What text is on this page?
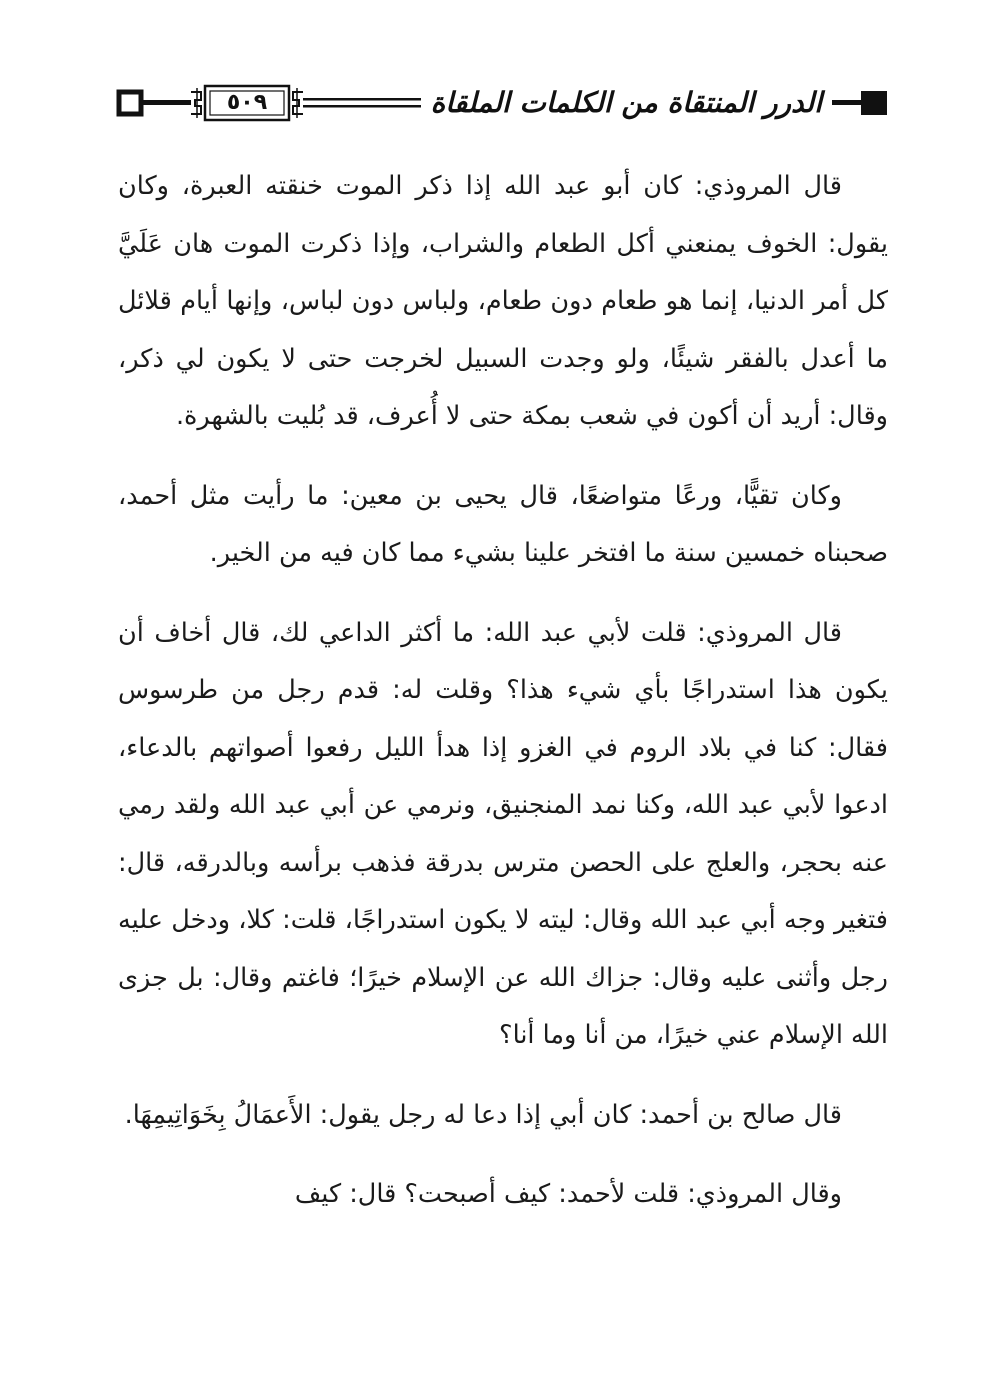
٥٠٩	الدرر المنتقاة من الكلمات الملقاة

قال المروذي: كان أبو عبد الله إذا ذكر الموت خنقته العبرة، وكان يقول: الخوف يمنعني أكل الطعام والشراب، وإذا ذكرت الموت هان عَلَيَّ كل أمر الدنيا، إنما هو طعام دون طعام، ولباس دون لباس، وإنها أيام قلائل ما أعدل بالفقر شيئًا، ولو وجدت السبيل لخرجت حتى لا يكون لي ذكر، وقال: أريد أن أكون في شعب بمكة حتى لا أُعرف، قد بُليت بالشهرة.

وكان تقيًّا، ورعًا متواضعًا، قال يحيى بن معين: ما رأيت مثل أحمد، صحبناه خمسين سنة ما افتخر علينا بشيء مما كان فيه من الخير.

قال المروذي: قلت لأبي عبد الله: ما أكثر الداعي لك، قال أخاف أن يكون هذا استدراجًا بأي شيء هذا؟ وقلت له: قدم رجل من طرسوس فقال: كنا في بلاد الروم في الغزو إذا هدأ الليل رفعوا أصواتهم بالدعاء، ادعوا لأبي عبد الله، وكنا نمد المنجنيق، ونرمي عن أبي عبد الله ولقد رمي عنه بحجر، والعلج على الحصن مترس بدرقة فذهب برأسه وبالدرقه، قال: فتغير وجه أبي عبد الله وقال: ليته لا يكون استدراجًا، قلت: كلا، ودخل عليه رجل وأثنى عليه وقال: جزاك الله عن الإسلام خيرًا؛ فاغتم وقال: بل جزى الله الإسلام عني خيرًا، من أنا وما أنا؟

قال صالح بن أحمد: كان أبي إذا دعا له رجل يقول: الأَعمَالُ بِخَوَاتِيمِهَا.

وقال المروذي: قلت لأحمد: كيف أصبحت؟ قال: كيف
